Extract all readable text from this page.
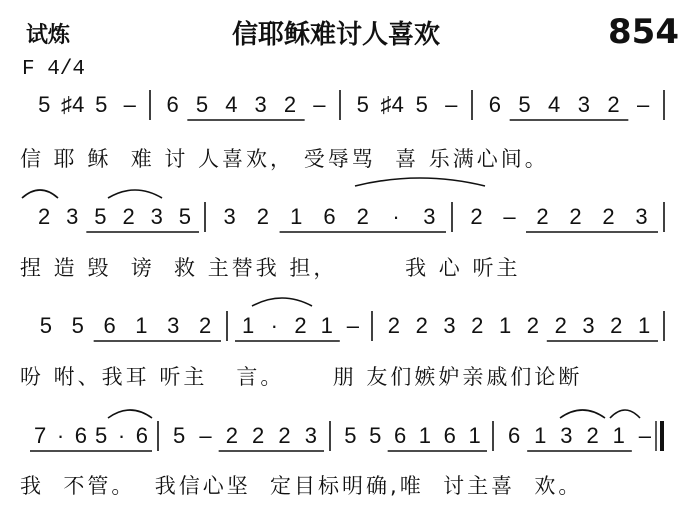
试炼	信耶稣难讨人喜欢	854
F 4/4
5 ♯4 5 – 6 5 4 3 2 – 5 ♯4 5 – 6 5 4 3 2 –
2 3 5 2 3 5 3 2 1 6 2 · 3 2 – 2 2 2 3
5 5 6 1 3 2 1 · 2 1 – 2 2 3 2 1 2 2 3 2 1
7 · 6 5 · 6 5 – 2 2 2 3 5 5 6 1 6 1 6 1 3 2 1 –
信 耶 稣  难 讨 人喜欢， 受辱骂  喜 乐满心间。
捏 造 毁  谤  救 主替我 担，       我 心 听主
吩 咐、我耳 听主   言。     朋 友们嫉妒亲戚们论断
我  不管。  我信心坚  定目标明确,唯  讨主喜  欢。
